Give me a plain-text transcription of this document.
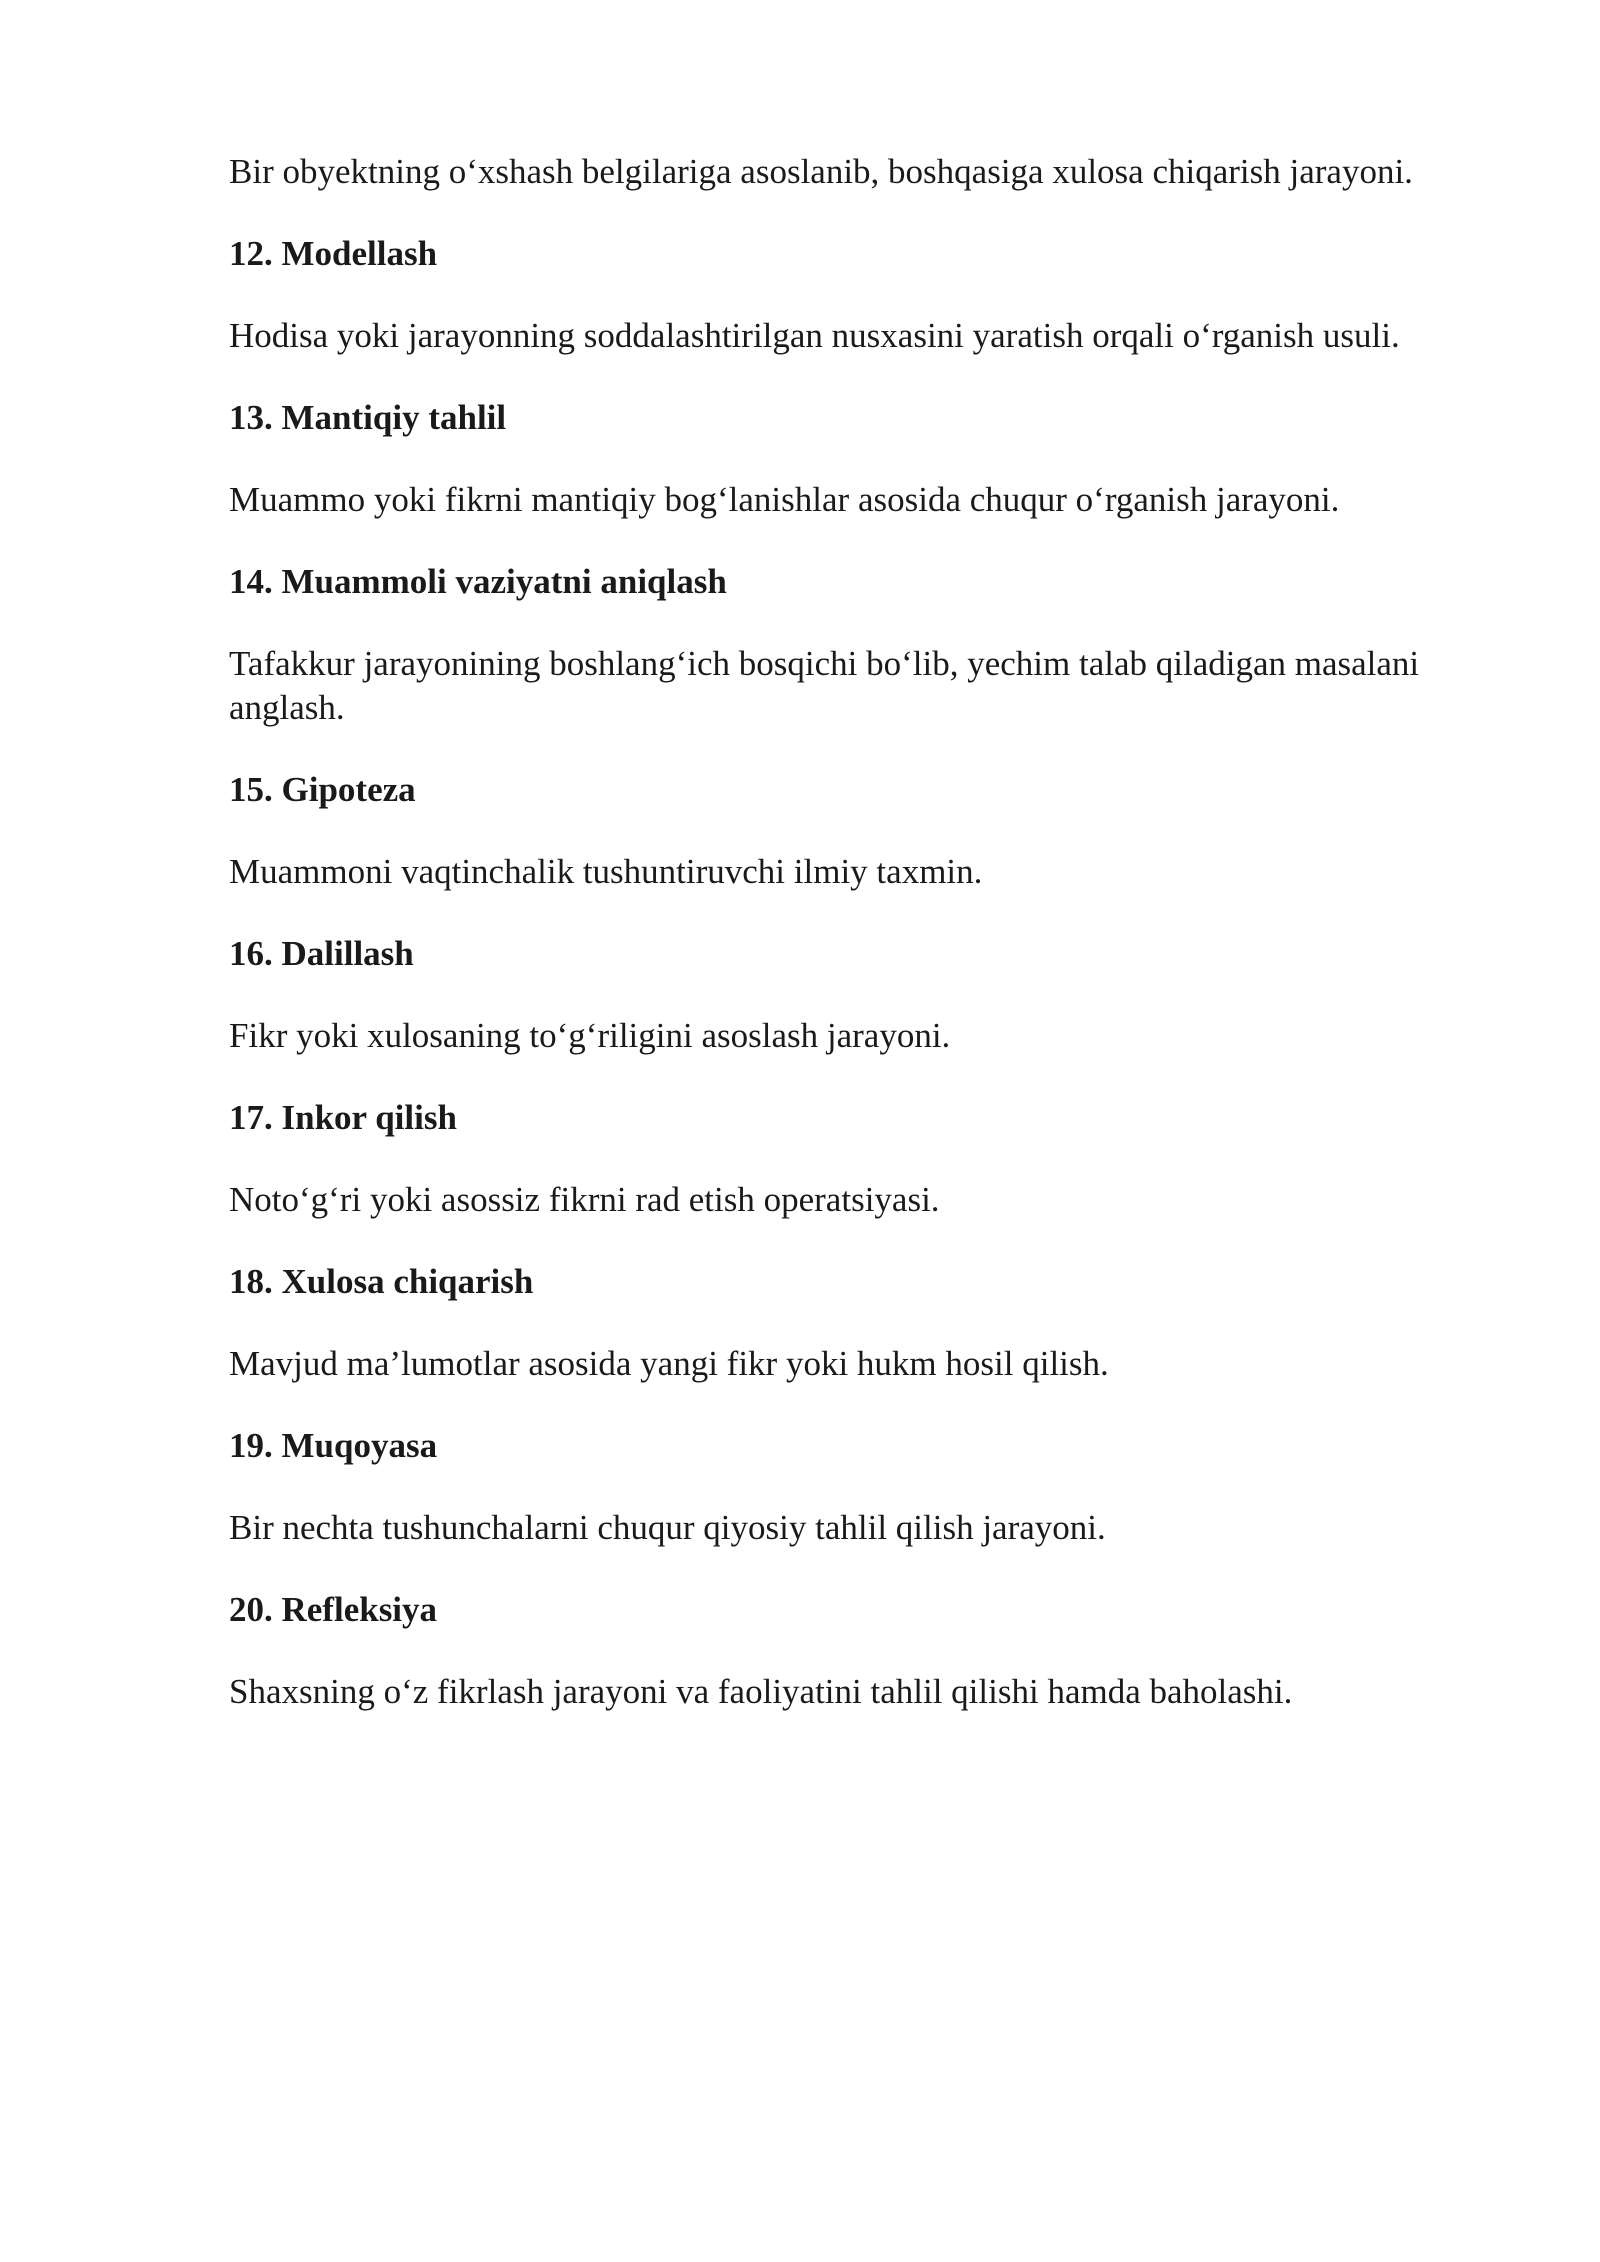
Bir obyektning o‘xshash belgilariga asoslanib, boshqasiga xulosa chiqarish jarayoni.

12. Modellash

Hodisa yoki jarayonning soddalashtirilgan nusxasini yaratish orqali o‘rganish usuli.

13. Mantiqiy tahlil

Muammo yoki fikrni mantiqiy bog‘lanishlar asosida chuqur o‘rganish jarayoni.

14. Muammoli vaziyatni aniqlash

Tafakkur jarayonining boshlang‘ich bosqichi bo‘lib, yechim talab qiladigan masalani anglash.

15. Gipoteza

Muammoni vaqtinchalik tushuntiruvchi ilmiy taxmin.

16. Dalillash

Fikr yoki xulosaning to‘g‘riligini asoslash jarayoni.

17. Inkor qilish

Noto‘g‘ri yoki asossiz fikrni rad etish operatsiyasi.

18. Xulosa chiqarish

Mavjud ma’lumotlar asosida yangi fikr yoki hukm hosil qilish.

19. Muqoyasa

Bir nechta tushunchalarni chuqur qiyosiy tahlil qilish jarayoni.

20. Refleksiya

Shaxsning o‘z fikrlash jarayoni va faoliyatini tahlil qilishi hamda baholashi.
